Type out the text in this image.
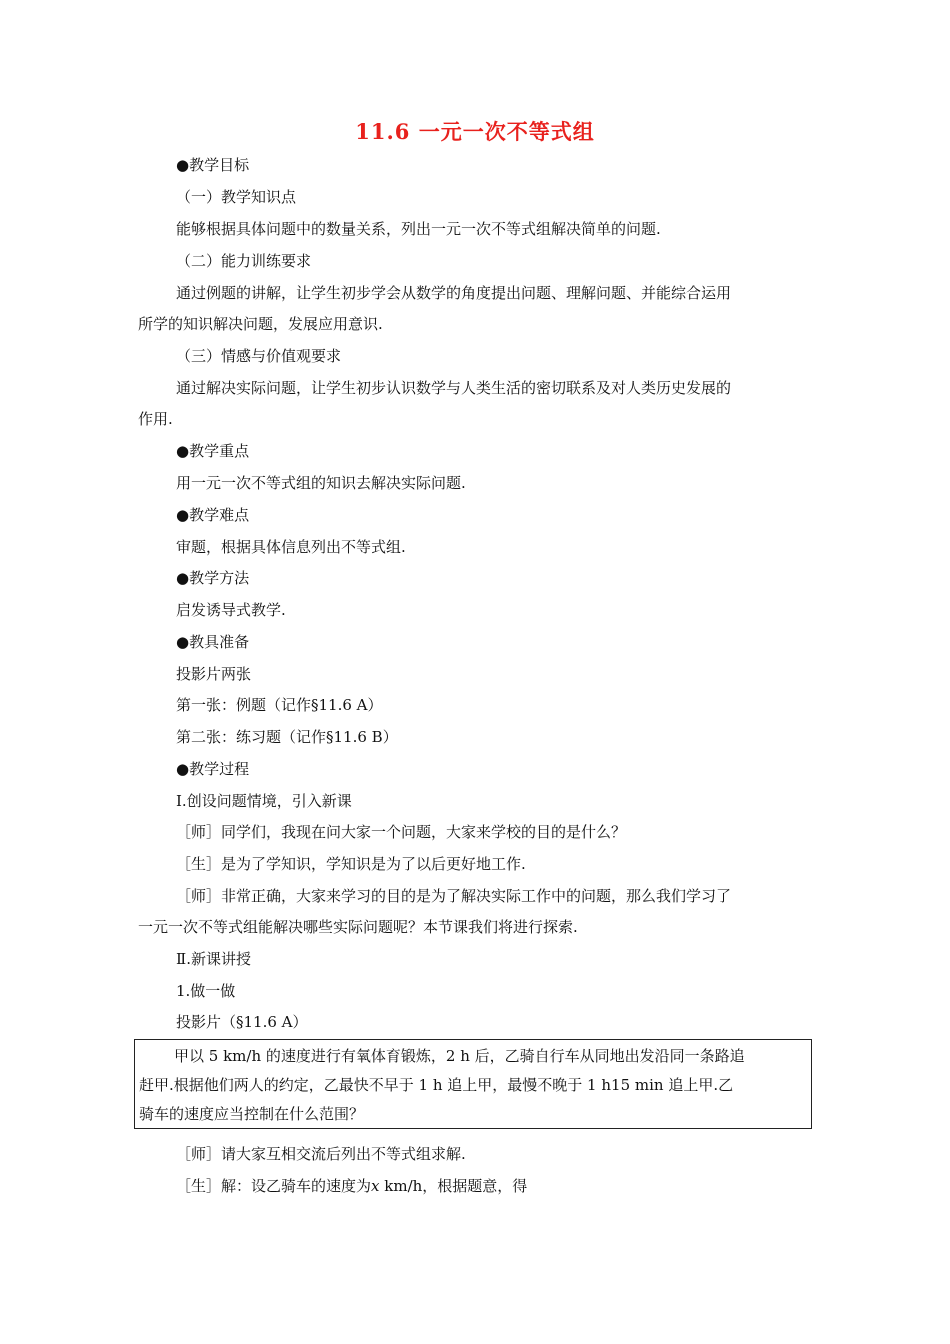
11.6 一元一次不等式组
●教学目标
（一）教学知识点
能够根据具体问题中的数量关系，列出一元一次不等式组解决简单的问题.
（二）能力训练要求
通过例题的讲解，让学生初步学会从数学的角度提出问题、理解问题、并能综合运用
所学的知识解决问题，发展应用意识.
（三）情感与价值观要求
通过解决实际问题，让学生初步认识数学与人类生活的密切联系及对人类历史发展的
作用.
●教学重点
用一元一次不等式组的知识去解决实际问题.
●教学难点
审题，根据具体信息列出不等式组.
●教学方法
启发诱导式教学.
●教具准备
投影片两张
第一张：例题（记作§11.6 A）
第二张：练习题（记作§11.6 B）
●教学过程
Ⅰ.创设问题情境，引入新课
［师］同学们，我现在问大家一个问题，大家来学校的目的是什么？
［生］是为了学知识，学知识是为了以后更好地工作.
［师］非常正确，大家来学习的目的是为了解决实际工作中的问题，那么我们学习了
一元一次不等式组能解决哪些实际问题呢？本节课我们将进行探索.
Ⅱ.新课讲授
1.做一做
投影片（§11.6 A）
甲以 5 km/h 的速度进行有氧体育锻炼，2 h 后，乙骑自行车从同地出发沿同一条路追
赶甲.根据他们两人的约定，乙最快不早于 1 h 追上甲，最慢不晚于 1 h15 min 追上甲.乙
骑车的速度应当控制在什么范围？
［师］请大家互相交流后列出不等式组求解.
［生］解：设乙骑车的速度为x km/h，根据题意，得
